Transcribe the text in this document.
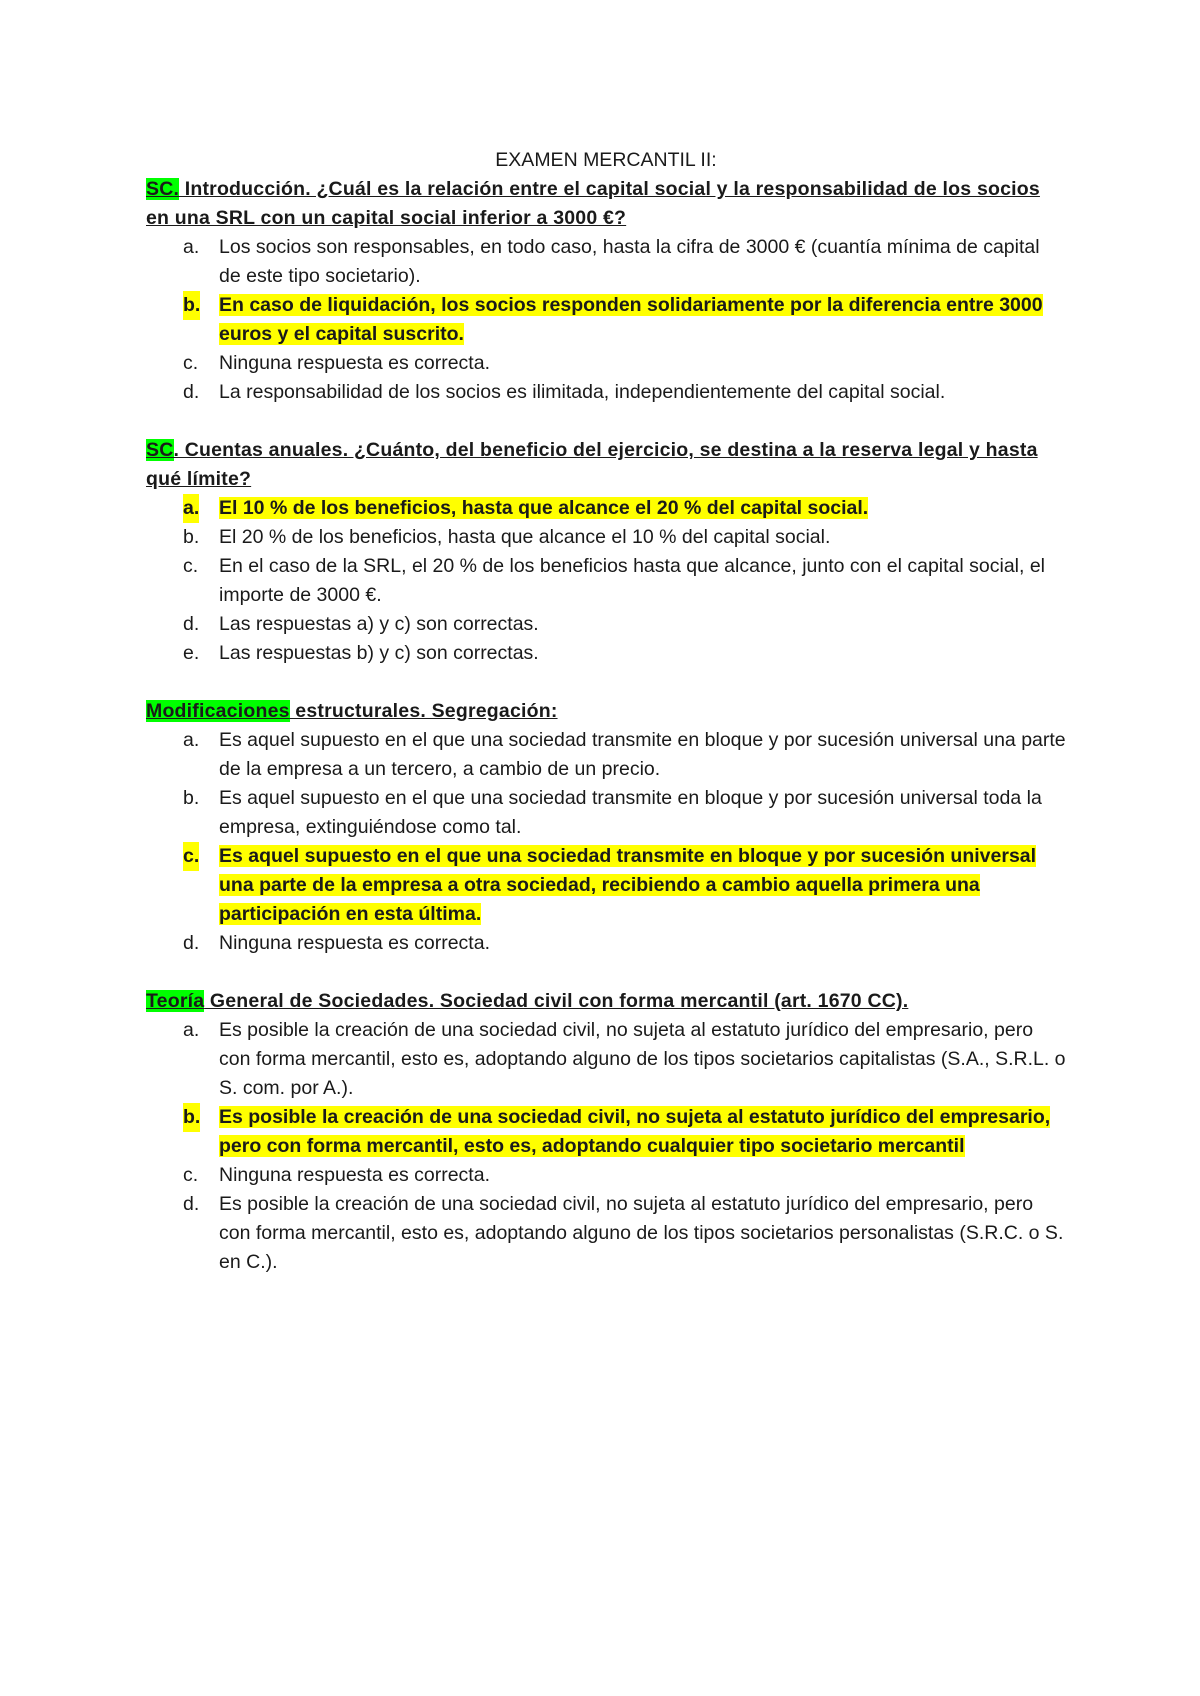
EXAMEN MERCANTIL II:

SC. Introducción. ¿Cuál es la relación entre el capital social y la responsabilidad de los socios en una SRL con un capital social inferior a 3000 €?

a. Los socios son responsables, en todo caso, hasta la cifra de 3000 € (cuantía mínima de capital de este tipo societario).
b. En caso de liquidación, los socios responden solidariamente por la diferencia entre 3000 euros y el capital suscrito.
c. Ninguna respuesta es correcta.
d. La responsabilidad de los socios es ilimitada, independientemente del capital social.

SC. Cuentas anuales. ¿Cuánto, del beneficio del ejercicio, se destina a la reserva legal y hasta qué límite?

a. El 10 % de los beneficios, hasta que alcance el 20 % del capital social.
b. El 20 % de los beneficios, hasta que alcance el 10 % del capital social.
c. En el caso de la SRL, el 20 % de los beneficios hasta que alcance, junto con el capital social, el importe de 3000 €.
d. Las respuestas a) y c) son correctas.
e. Las respuestas b) y c) son correctas.

Modificaciones estructurales. Segregación:

a. Es aquel supuesto en el que una sociedad transmite en bloque y por sucesión universal una parte de la empresa a un tercero, a cambio de un precio.
b. Es aquel supuesto en el que una sociedad transmite en bloque y por sucesión universal toda la empresa, extinguiéndose como tal.
c. Es aquel supuesto en el que una sociedad transmite en bloque y por sucesión universal una parte de la empresa a otra sociedad, recibiendo a cambio aquella primera una participación en esta última.
d. Ninguna respuesta es correcta.

Teoría General de Sociedades. Sociedad civil con forma mercantil (art. 1670 CC).

a. Es posible la creación de una sociedad civil, no sujeta al estatuto jurídico del empresario, pero con forma mercantil, esto es, adoptando alguno de los tipos societarios capitalistas (S.A., S.R.L. o S. com. por A.).
b. Es posible la creación de una sociedad civil, no sujeta al estatuto jurídico del empresario, pero con forma mercantil, esto es, adoptando cualquier tipo societario mercantil
c. Ninguna respuesta es correcta.
d. Es posible la creación de una sociedad civil, no sujeta al estatuto jurídico del empresario, pero con forma mercantil, esto es, adoptando alguno de los tipos societarios personalistas (S.R.C. o S. en C.).
